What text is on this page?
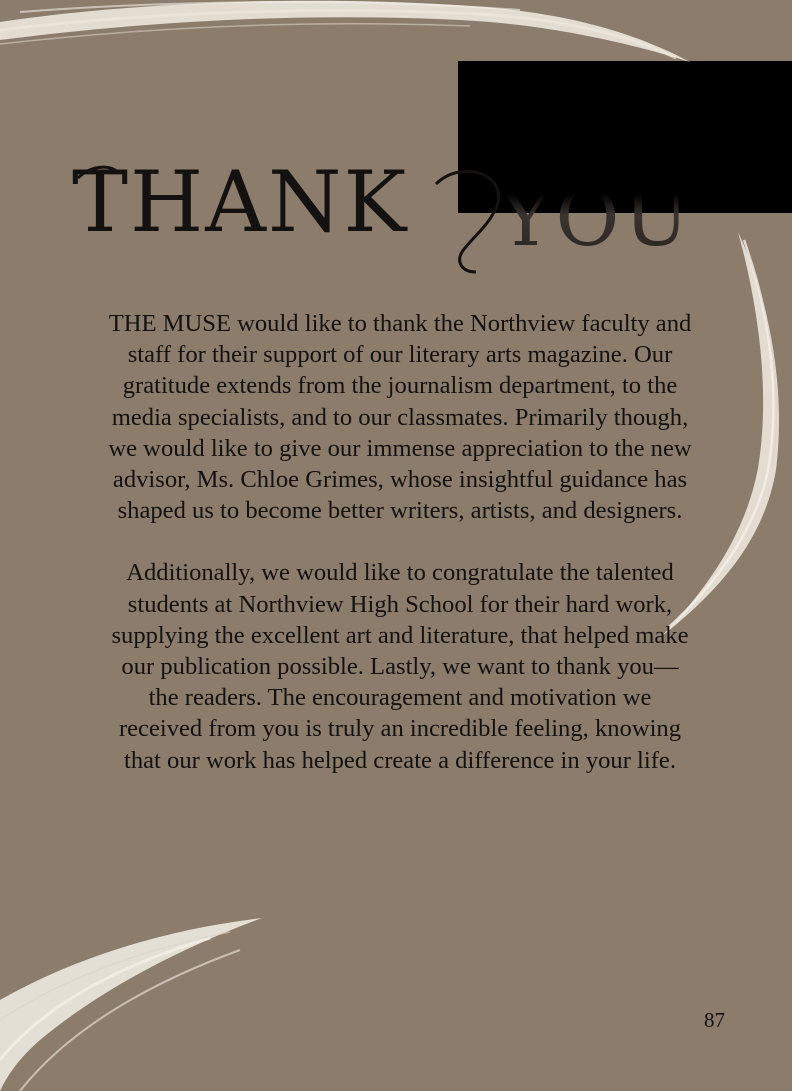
THANK YOU

THE MUSE would like to thank the Northview faculty and staff for their support of our literary arts magazine. Our gratitude extends from the journalism department, to the media specialists, and to our classmates. Primarily though, we would like to give our immense appreciation to the new advisor, Ms. Chloe Grimes, whose insightful guidance has shaped us to become better writers, artists, and designers.

Additionally, we would like to congratulate the talented students at Northview High School for their hard work, supplying the excellent art and literature, that helped make our publication possible. Lastly, we want to thank you— the readers. The encouragement and motivation we received from you is truly an incredible feeling, knowing that our work has helped create a difference in your life.

87
